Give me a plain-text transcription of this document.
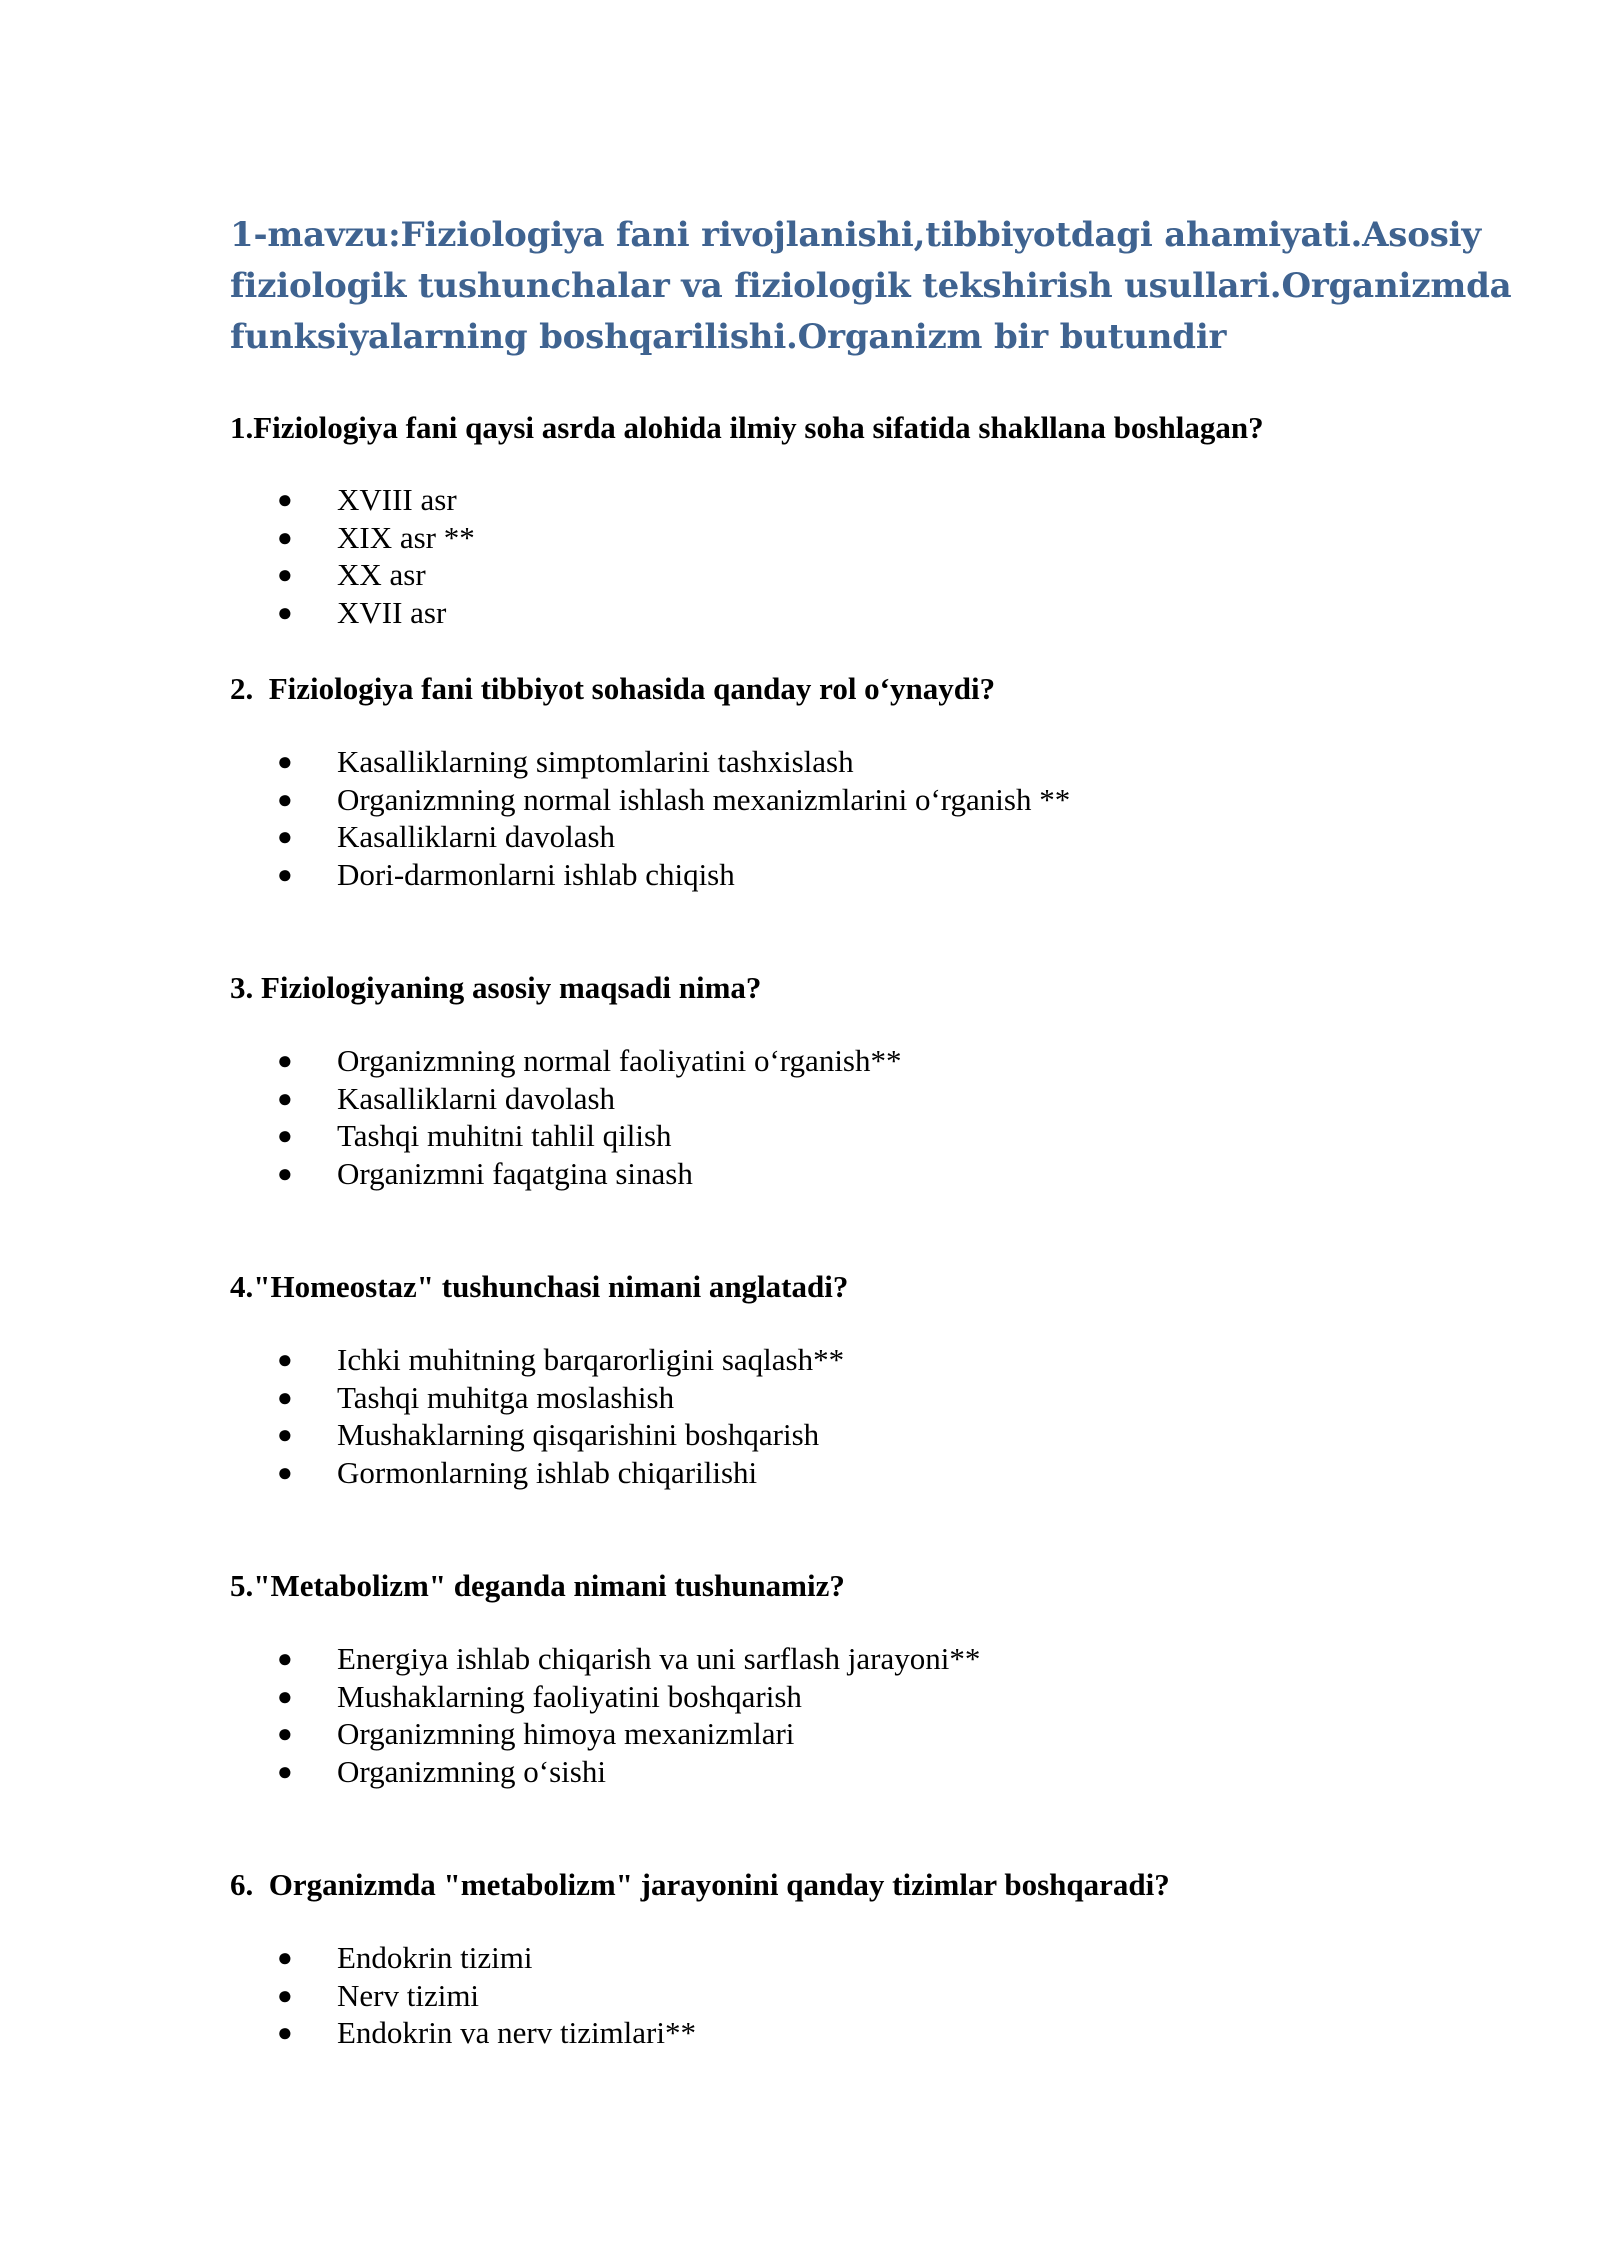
1-mavzu:Fiziologiya fani rivojlanishi,tibbiyotdagi ahamiyati.Asosiy
fiziologik tushunchalar va fiziologik tekshirish usullari.Organizmda
funksiyalarning boshqarilishi.Organizm bir butundir

1.Fiziologiya fani qaysi asrda alohida ilmiy soha sifatida shakllana boshlagan?

● XVIII asr
● XIX asr **
● XX asr
● XVII asr

2.  Fiziologiya fani tibbiyot sohasida qanday rol o‘ynaydi?

● Kasalliklarning simptomlarini tashxislash
● Organizmning normal ishlash mexanizmlarini o‘rganish **
● Kasalliklarni davolash
● Dori-darmonlarni ishlab chiqish

3. Fiziologiyaning asosiy maqsadi nima?

● Organizmning normal faoliyatini o‘rganish**
● Kasalliklarni davolash
● Tashqi muhitni tahlil qilish
● Organizmni faqatgina sinash

4."Homeostaz" tushunchasi nimani anglatadi?

● Ichki muhitning barqarorligini saqlash**
● Tashqi muhitga moslashish
● Mushaklarning qisqarishini boshqarish
● Gormonlarning ishlab chiqarilishi

5."Metabolizm" deganda nimani tushunamiz?

● Energiya ishlab chiqarish va uni sarflash jarayoni**
● Mushaklarning faoliyatini boshqarish
● Organizmning himoya mexanizmlari
● Organizmning o‘sishi

6.  Organizmda "metabolizm" jarayonini qanday tizimlar boshqaradi?

● Endokrin tizimi
● Nerv tizimi
● Endokrin va nerv tizimlari**
